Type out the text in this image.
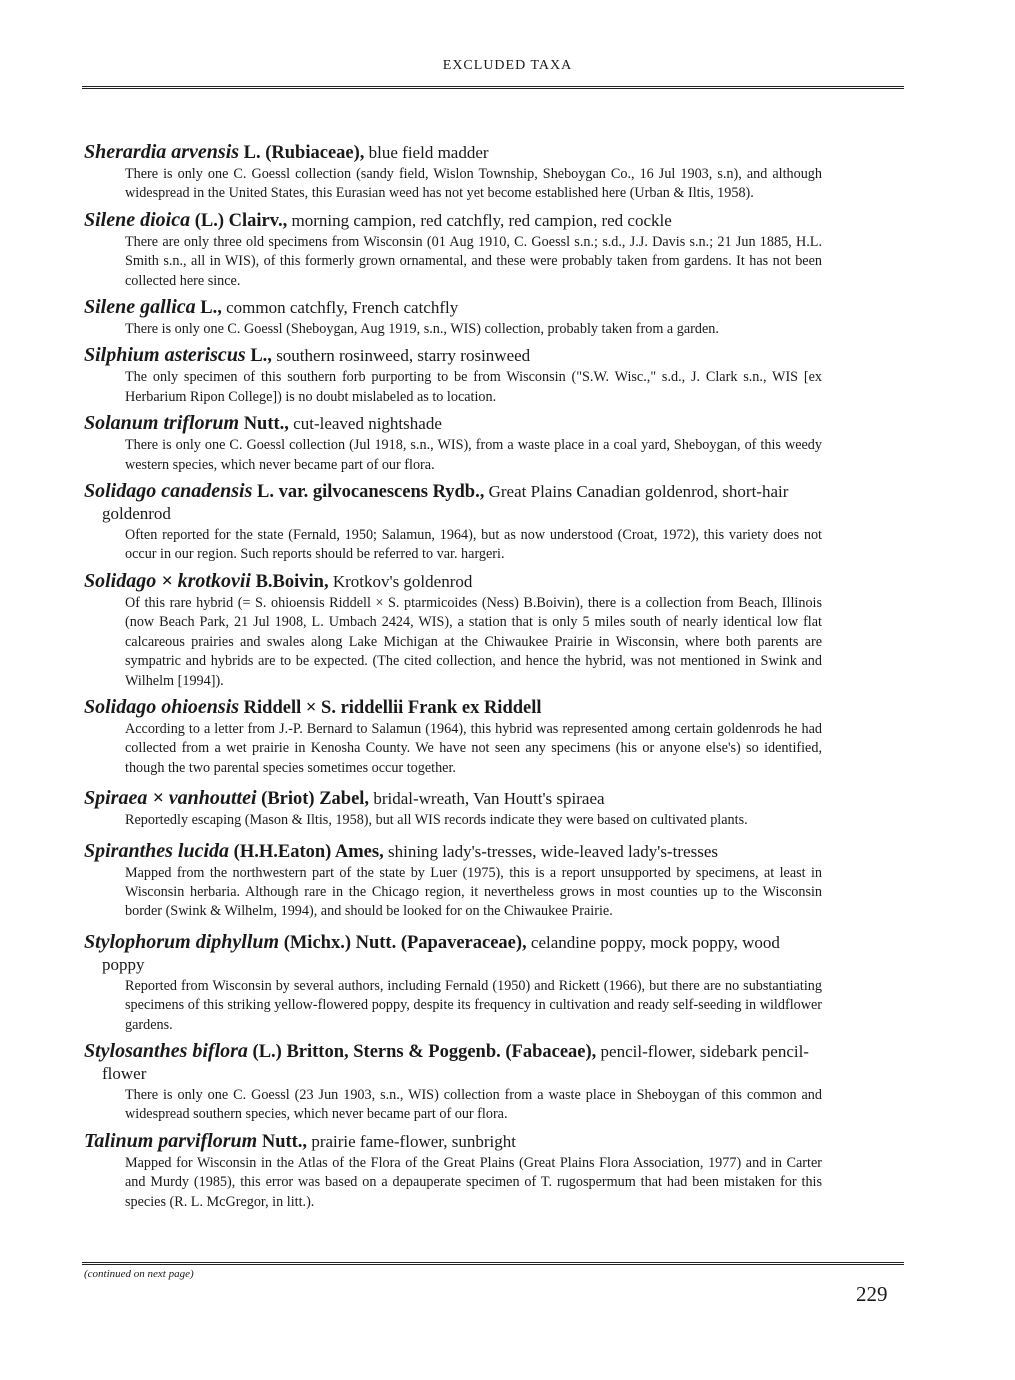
EXCLUDED TAXA
Sherardia arvensis L. (Rubiaceae), blue field madder
There is only one C. Goessl collection (sandy field, Wislon Township, Sheboygan Co., 16 Jul 1903, s.n), and although widespread in the United States, this Eurasian weed has not yet become established here (Urban & Iltis, 1958).
Silene dioica (L.) Clairv., morning campion, red catchfly, red campion, red cockle
There are only three old specimens from Wisconsin (01 Aug 1910, C. Goessl s.n.; s.d., J.J. Davis s.n.; 21 Jun 1885, H.L. Smith s.n., all in WIS), of this formerly grown ornamental, and these were probably taken from gardens. It has not been collected here since.
Silene gallica L., common catchfly, French catchfly
There is only one C. Goessl (Sheboygan, Aug 1919, s.n., WIS) collection, probably taken from a garden.
Silphium asteriscus L., southern rosinweed, starry rosinweed
The only specimen of this southern forb purporting to be from Wisconsin ("S.W. Wisc.," s.d., J. Clark s.n., WIS [ex Herbarium Ripon College]) is no doubt mislabeled as to location.
Solanum triflorum Nutt., cut-leaved nightshade
There is only one C. Goessl collection (Jul 1918, s.n., WIS), from a waste place in a coal yard, Sheboygan, of this weedy western species, which never became part of our flora.
Solidago canadensis L. var. gilvocanescens Rydb., Great Plains Canadian goldenrod, short-hair goldenrod
Often reported for the state (Fernald, 1950; Salamun, 1964), but as now understood (Croat, 1972), this variety does not occur in our region. Such reports should be referred to var. hargeri.
Solidago × krotkovii B.Boivin, Krotkov's goldenrod
Of this rare hybrid (= S. ohioensis Riddell × S. ptarmicoides (Ness) B.Boivin), there is a collection from Beach, Illinois (now Beach Park, 21 Jul 1908, L. Umbach 2424, WIS), a station that is only 5 miles south of nearly identical low flat calcareous prairies and swales along Lake Michigan at the Chiwaukee Prairie in Wisconsin, where both parents are sympatric and hybrids are to be expected. (The cited collection, and hence the hybrid, was not mentioned in Swink and Wilhelm [1994]).
Solidago ohioensis Riddell × S. riddellii Frank ex Riddell
According to a letter from J.-P. Bernard to Salamun (1964), this hybrid was represented among certain goldenrods he had collected from a wet prairie in Kenosha County. We have not seen any specimens (his or anyone else's) so identified, though the two parental species sometimes occur together.
Spiraea × vanhouttei (Briot) Zabel, bridal-wreath, Van Houtt's spiraea
Reportedly escaping (Mason & Iltis, 1958), but all WIS records indicate they were based on cultivated plants.
Spiranthes lucida (H.H.Eaton) Ames, shining lady's-tresses, wide-leaved lady's-tresses
Mapped from the northwestern part of the state by Luer (1975), this is a report unsupported by specimens, at least in Wisconsin herbaria. Although rare in the Chicago region, it nevertheless grows in most counties up to the Wisconsin border (Swink & Wilhelm, 1994), and should be looked for on the Chiwaukee Prairie.
Stylophorum diphyllum (Michx.) Nutt. (Papaveraceae), celandine poppy, mock poppy, wood poppy
Reported from Wisconsin by several authors, including Fernald (1950) and Rickett (1966), but there are no substantiating specimens of this striking yellow-flowered poppy, despite its frequency in cultivation and ready self-seeding in wildflower gardens.
Stylosanthes biflora (L.) Britton, Sterns & Poggenb. (Fabaceae), pencil-flower, sidebark pencil-flower
There is only one C. Goessl (23 Jun 1903, s.n., WIS) collection from a waste place in Sheboygan of this common and widespread southern species, which never became part of our flora.
Talinum parviflorum Nutt., prairie fame-flower, sunbright
Mapped for Wisconsin in the Atlas of the Flora of the Great Plains (Great Plains Flora Association, 1977) and in Carter and Murdy (1985), this error was based on a depauperate specimen of T. rugospermum that had been mistaken for this species (R. L. McGregor, in litt.).
(continued on next page)
229
